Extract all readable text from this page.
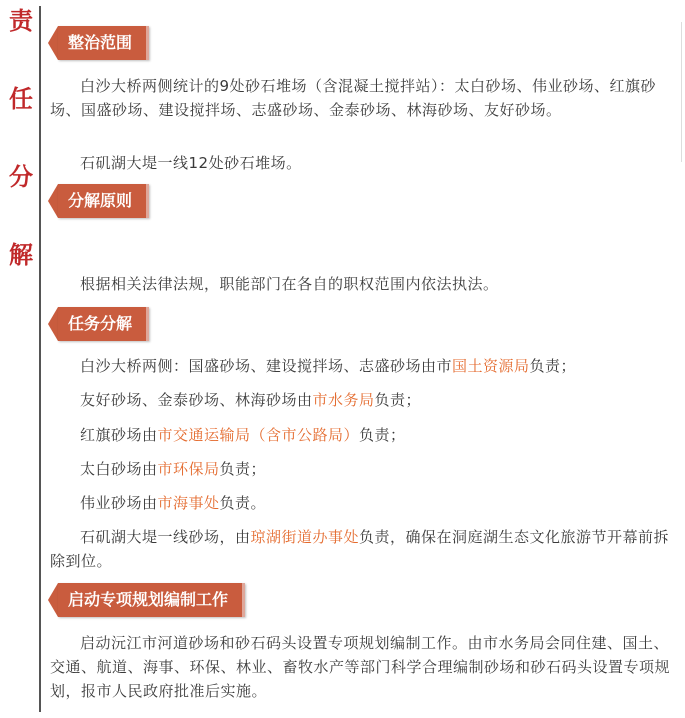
责
任
分
解
整治范围

白沙大桥两侧统计的9处砂石堆场（含混凝土搅拌站）：太白砂场、伟业砂场、红旗砂场、国盛砂场、建设搅拌场、志盛砂场、金泰砂场、林海砂场、友好砂场。

石矶湖大堤一线12处砂石堆场。

分解原则

根据相关法律法规，职能部门在各自的职权范围内依法执法。

任务分解

白沙大桥两侧：国盛砂场、建设搅拌场、志盛砂场由市国土资源局负责；

友好砂场、金泰砂场、林海砂场由市水务局负责；

红旗砂场由市交通运输局（含市公路局）负责；

太白砂场由市环保局负责；

伟业砂场由市海事处负责。

石矶湖大堤一线砂场，由琼湖街道办事处负责，确保在洞庭湖生态文化旅游节开幕前拆除到位。

启动专项规划编制工作

启动沅江市河道砂场和砂石码头设置专项规划编制工作。由市水务局会同住建、国土、交通、航道、海事、环保、林业、畜牧水产等部门科学合理编制砂场和砂石码头设置专项规划，报市人民政府批准后实施。
